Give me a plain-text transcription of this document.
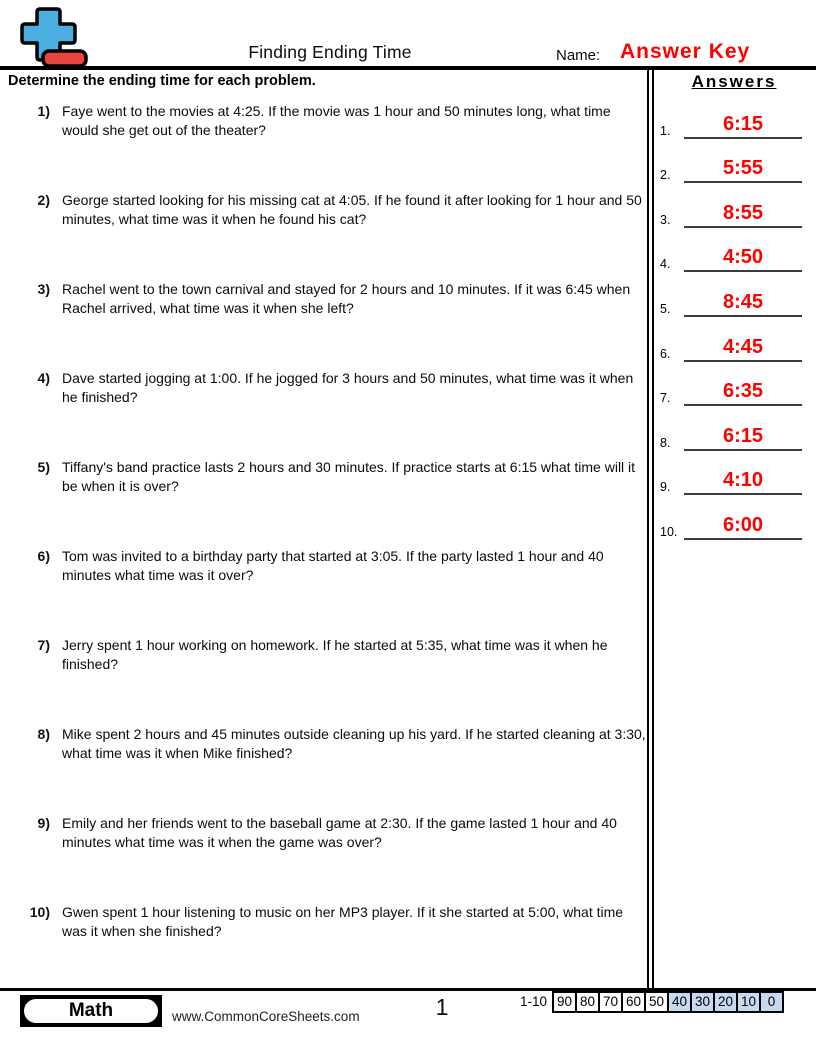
Finding Ending Time	Name: Answer Key
Determine the ending time for each problem.	Answers
1.	6:15
2.	5:55
3.	8:55
4.	4:50
5.	8:45
6.	4:45
7.	6:35
8.	6:15
9.	4:10
10.	6:00
1) Faye went to the movies at 4:25. If the movie was 1 hour and 50 minutes long, what time would she get out of the theater?
2) George started looking for his missing cat at 4:05. If he found it after looking for 1 hour and 50 minutes, what time was it when he found his cat?
3) Rachel went to the town carnival and stayed for 2 hours and 10 minutes. If it was 6:45 when Rachel arrived, what time was it when she left?
4) Dave started jogging at 1:00. If he jogged for 3 hours and 50 minutes, what time was it when he finished?
5) Tiffany's band practice lasts 2 hours and 30 minutes. If practice starts at 6:15 what time will it be when it is over?
6) Tom was invited to a birthday party that started at 3:05. If the party lasted 1 hour and 40 minutes what time was it over?
7) Jerry spent 1 hour working on homework. If he started at 5:35, what time was it when he finished?
8) Mike spent 2 hours and 45 minutes outside cleaning up his yard. If he started cleaning at 3:30, what time was it when Mike finished?
9) Emily and her friends went to the baseball game at 2:30. If the game lasted 1 hour and 40 minutes what time was it when the game was over?
10) Gwen spent 1 hour listening to music on her MP3 player. If it she started at 5:00, what time was it when she finished?
Math	www.CommonCoreSheets.com	1	1-10 90 80 70 60 50 40 30 20 10 0
